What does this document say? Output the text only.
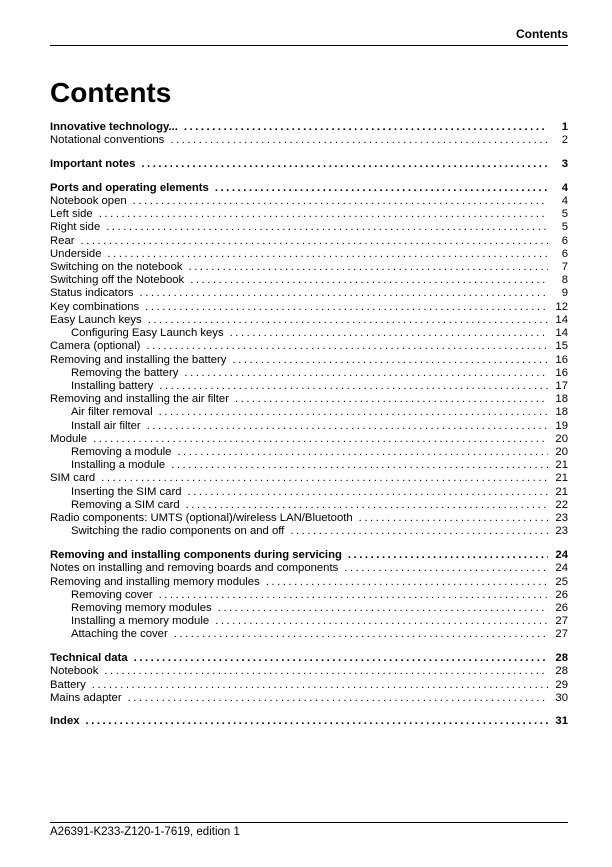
Contents
Contents
Innovative technology... . . .	1
Notational conventions . . .	2
Important notes . . .	3
Ports and operating elements . . .	4
Notebook open . . .	4
Left side . . .	5
Right side . . .	5
Rear . . .	6
Underside . . .	6
Switching on the notebook . . .	7
Switching off the Notebook . . .	8
Status indicators . . .	9
Key combinations . . .	12
Easy Launch keys . . .	14
Configuring Easy Launch keys . . .	14
Camera (optional) . . .	15
Removing and installing the battery . . .	16
Removing the battery . . .	16
Installing battery . . .	17
Removing and installing the air filter . . .	18
Air filter removal . . .	18
Install air filter . . .	19
Module . . .	20
Removing a module . . .	20
Installing a module . . .	21
SIM card . . .	21
Inserting the SIM card . . .	21
Removing a SIM card . . .	22
Radio components: UMTS (optional)/wireless LAN/Bluetooth . . .	23
Switching the radio components on and off . . .	23
Removing and installing components during servicing . . .	24
Notes on installing and removing boards and components . . .	24
Removing and installing memory modules . . .	25
Removing cover . . .	26
Removing memory modules . . .	26
Installing a memory module . . .	27
Attaching the cover . . .	27
Technical data . . .	28
Notebook . . .	28
Battery . . .	29
Mains adapter . . .	30
Index . . .	31
A26391-K233-Z120-1-7619, edition 1
